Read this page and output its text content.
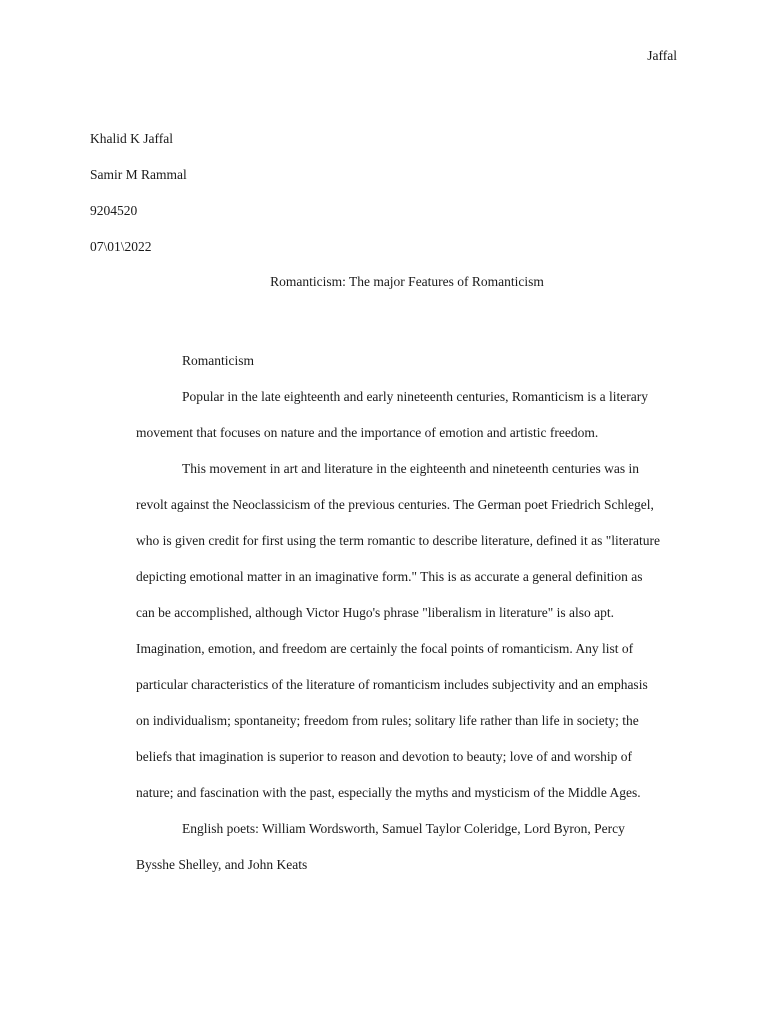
Jaffal
Khalid K Jaffal
Samir M Rammal
9204520
07\01\2022
Romanticism: The major Features of Romanticism
Romanticism
Popular in the late eighteenth and early nineteenth centuries, Romanticism is a literary
movement that focuses on nature and the importance of emotion and artistic freedom.
This movement in art and literature in the eighteenth and nineteenth centuries was in
revolt against the Neoclassicism of the previous centuries. The German poet Friedrich Schlegel,
who is given credit for first using the term romantic to describe literature, defined it as "literature
depicting emotional matter in an imaginative form." This is as accurate a general definition as
can be accomplished, although Victor Hugo's phrase "liberalism in literature" is also apt.
Imagination, emotion, and freedom are certainly the focal points of romanticism. Any list of
particular characteristics of the literature of romanticism includes subjectivity and an emphasis
on individualism; spontaneity; freedom from rules; solitary life rather than life in society; the
beliefs that imagination is superior to reason and devotion to beauty; love of and worship of
nature; and fascination with the past, especially the myths and mysticism of the Middle Ages.
English poets: William Wordsworth, Samuel Taylor Coleridge, Lord Byron, Percy
Bysshe Shelley, and John Keats
